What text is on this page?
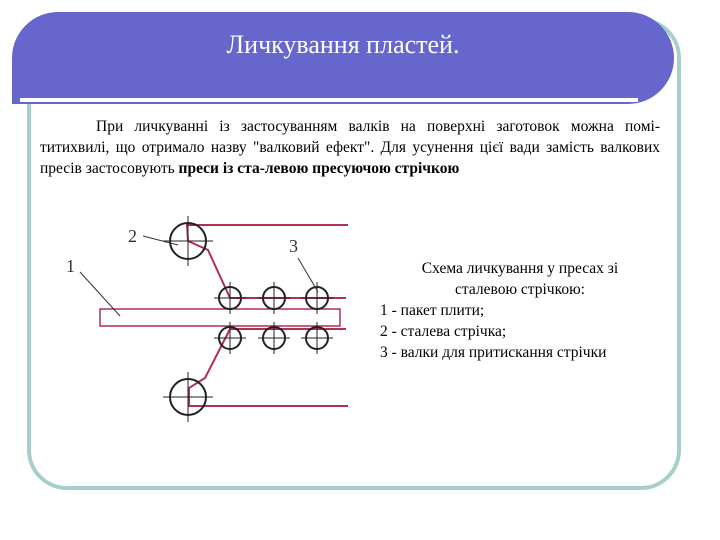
Личкування пластей.
При личкуванні із застосуванням валків на поверхні заготовок можна помі-титихвилі, що отримало назву "валковий ефект". Для усунення цієї вади замість валкових пресів застосовують преси із ста-левою пресуючою стрічкою
1
2	3
Схема личкування у пресах зі
сталевою стрічкою:
1 - пакет плити;
2 - сталева стрічка;
3 - валки для притискання стрічки
